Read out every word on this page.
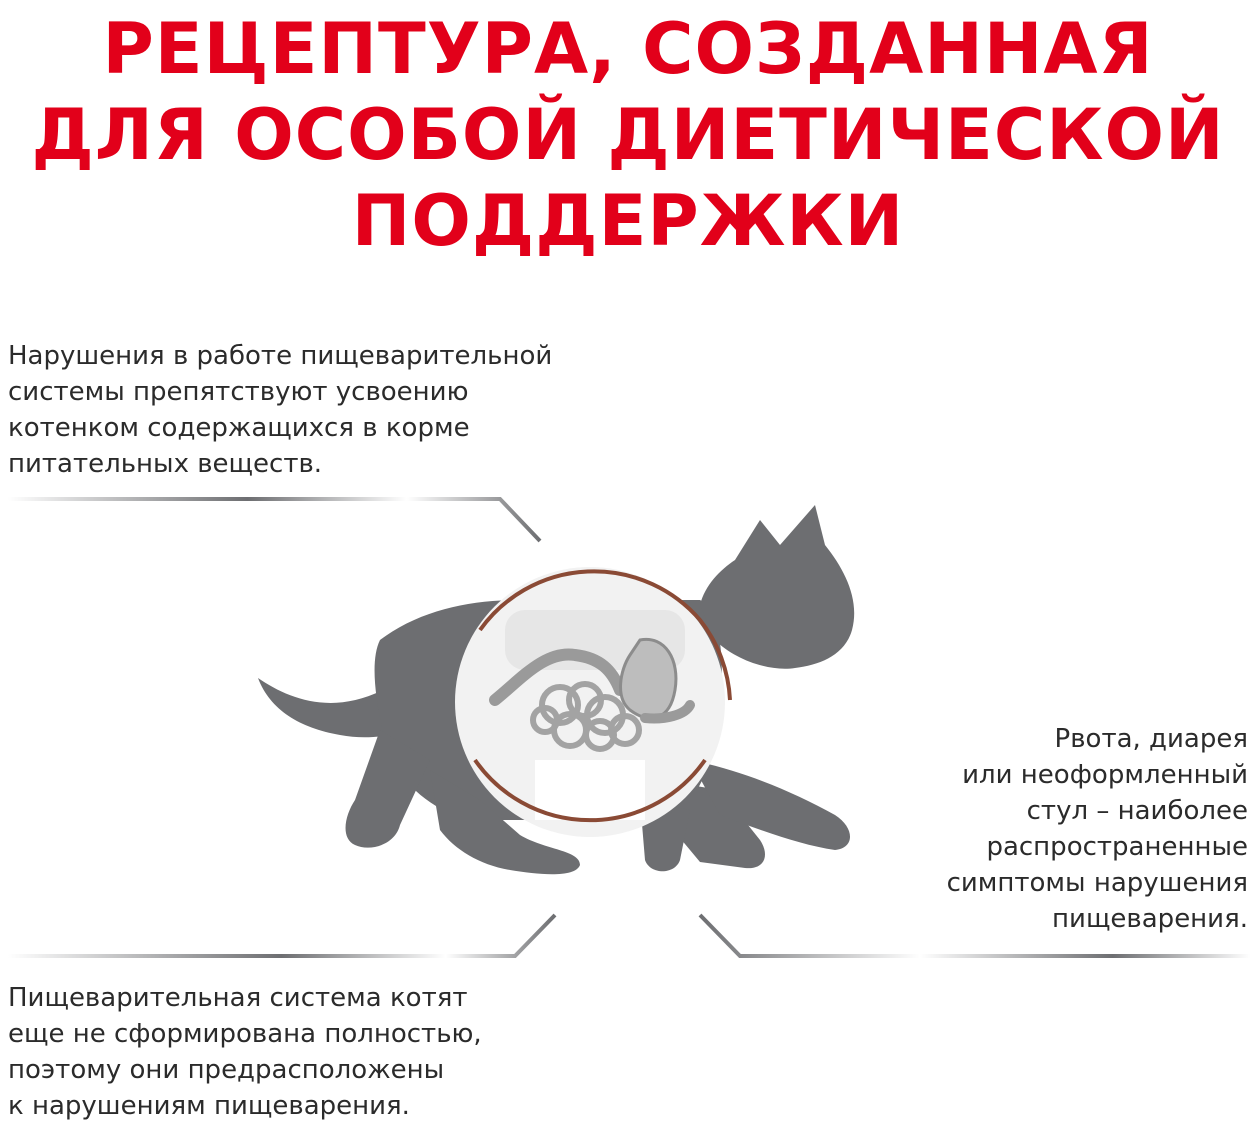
РЕЦЕПТУРА, СОЗДАННАЯ
ДЛЯ ОСОБОЙ ДИЕТИЧЕСКОЙ
ПОДДЕРЖКИ
Нарушения в работе пищеварительной
системы препятствуют усвоению
котенком содержащихся в корме
питательных веществ.
Рвота, диарея
или неоформленный
стул – наиболее
распространенные
симптомы нарушения
пищеварения.
Пищеварительная система котят
еще не сформирована полностью,
поэтому они предрасположены
к нарушениям пищеварения.
